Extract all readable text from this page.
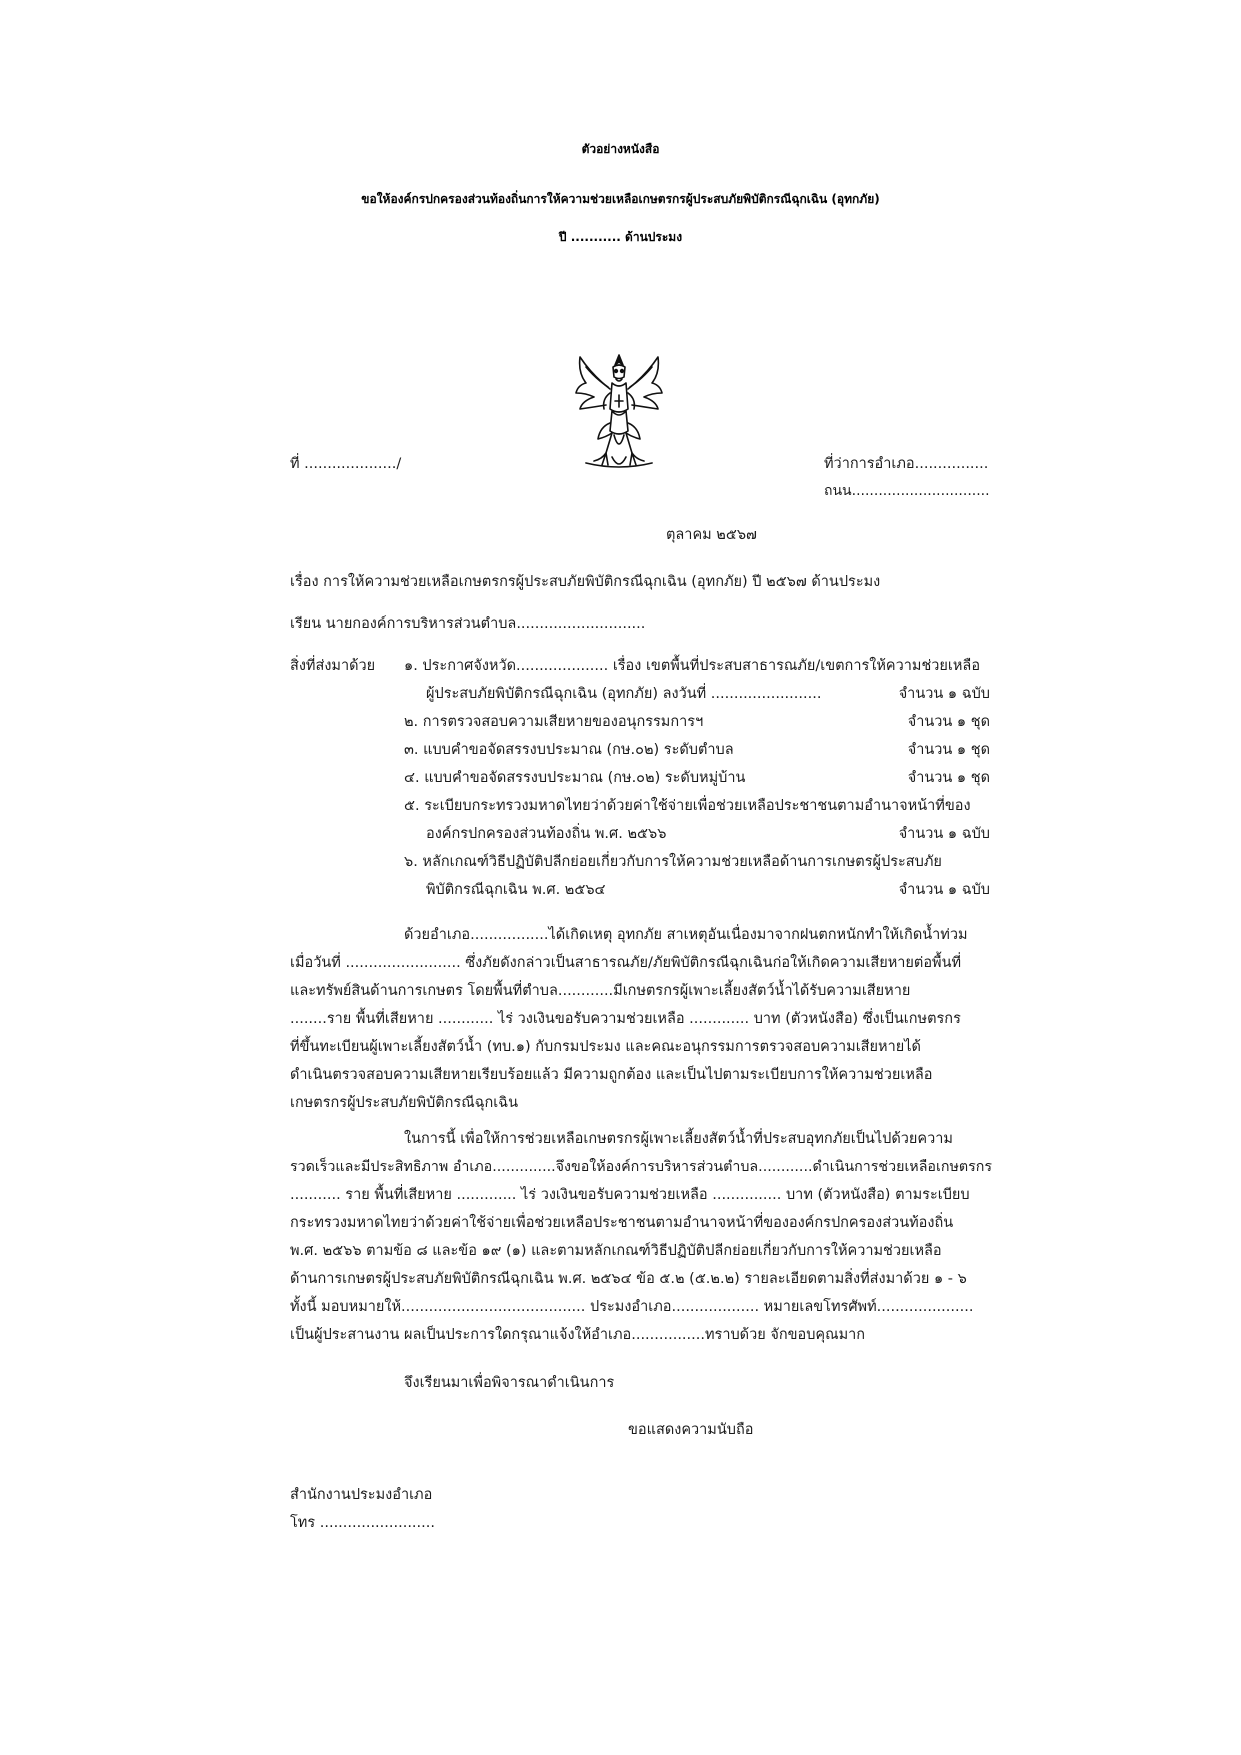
ตัวอย่างหนังสือ
ขอให้องค์กรปกครองส่วนท้องถิ่นการให้ความช่วยเหลือเกษตรกรผู้ประสบภัยพิบัติกรณีฉุกเฉิน (อุทกภัย)
ปี ........... ด้านประมง
ที่ ..................../	ที่ว่าการอำเภอ................
ถนน...............................
ตุลาคม ๒๕๖๗
เรื่อง การให้ความช่วยเหลือเกษตรกรผู้ประสบภัยพิบัติกรณีฉุกเฉิน (อุทกภัย) ปี ๒๕๖๗ ด้านประมง
เรียน นายกองค์การบริหารส่วนตำบล............................
สิ่งที่ส่งมาด้วย ๑. ประกาศจังหวัด.................... เรื่อง เขตพื้นที่ประสบสาธารณภัย/เขตการให้ความช่วยเหลือ
ผู้ประสบภัยพิบัติกรณีฉุกเฉิน (อุทกภัย) ลงวันที่ ........................	จำนวน ๑ ฉบับ
๒. การตรวจสอบความเสียหายของอนุกรรมการฯ	จำนวน ๑ ชุด
๓. แบบคำขอจัดสรรงบประมาณ (กษ.๐๒) ระดับตำบล	จำนวน ๑ ชุด
๔. แบบคำขอจัดสรรงบประมาณ (กษ.๐๒) ระดับหมู่บ้าน	จำนวน ๑ ชุด
๕. ระเบียบกระทรวงมหาดไทยว่าด้วยค่าใช้จ่ายเพื่อช่วยเหลือประชาชนตามอำนาจหน้าที่ของ
องค์กรปกครองส่วนท้องถิ่น พ.ศ. ๒๕๖๖	จำนวน ๑ ฉบับ
๖. หลักเกณฑ์วิธีปฏิบัติปลีกย่อยเกี่ยวกับการให้ความช่วยเหลือด้านการเกษตรผู้ประสบภัย
พิบัติกรณีฉุกเฉิน พ.ศ. ๒๕๖๔	จำนวน ๑ ฉบับ
ด้วยอำเภอ.................ได้เกิดเหตุ อุทกภัย สาเหตุอันเนื่องมาจากฝนตกหนักทำให้เกิดน้ำท่วม
เมื่อวันที่ ......................... ซึ่งภัยดังกล่าวเป็นสาธารณภัย/ภัยพิบัติกรณีฉุกเฉินก่อให้เกิดความเสียหายต่อพื้นที่
และทรัพย์สินด้านการเกษตร โดยพื้นที่ตำบล............มีเกษตรกรผู้เพาะเลี้ยงสัตว์น้ำได้รับความเสียหาย
........ราย พื้นที่เสียหาย ............ ไร่ วงเงินขอรับความช่วยเหลือ ............. บาท (ตัวหนังสือ) ซึ่งเป็นเกษตรกร
ที่ขึ้นทะเบียนผู้เพาะเลี้ยงสัตว์น้ำ (ทบ.๑) กับกรมประมง และคณะอนุกรรมการตรวจสอบความเสียหายได้
ดำเนินตรวจสอบความเสียหายเรียบร้อยแล้ว มีความถูกต้อง และเป็นไปตามระเบียบการให้ความช่วยเหลือ
เกษตรกรผู้ประสบภัยพิบัติกรณีฉุกเฉิน
ในการนี้ เพื่อให้การช่วยเหลือเกษตรกรผู้เพาะเลี้ยงสัตว์น้ำที่ประสบอุทกภัยเป็นไปด้วยความ
รวดเร็วและมีประสิทธิภาพ อำเภอ..............จึงขอให้องค์การบริหารส่วนตำบล............ดำเนินการช่วยเหลือเกษตรกร
........... ราย พื้นที่เสียหาย ............. ไร่ วงเงินขอรับความช่วยเหลือ ............... บาท (ตัวหนังสือ) ตามระเบียบ
กระทรวงมหาดไทยว่าด้วยค่าใช้จ่ายเพื่อช่วยเหลือประชาชนตามอำนาจหน้าที่ขององค์กรปกครองส่วนท้องถิ่น
พ.ศ. ๒๕๖๖ ตามข้อ ๘ และข้อ ๑๙ (๑) และตามหลักเกณฑ์วิธีปฏิบัติปลีกย่อยเกี่ยวกับการให้ความช่วยเหลือ
ด้านการเกษตรผู้ประสบภัยพิบัติกรณีฉุกเฉิน พ.ศ. ๒๕๖๔ ข้อ ๕.๒ (๕.๒.๒) รายละเอียดตามสิ่งที่ส่งมาด้วย ๑ - ๖
ทั้งนี้ มอบหมายให้........................................ ประมงอำเภอ................... หมายเลขโทรศัพท์.....................
เป็นผู้ประสานงาน ผลเป็นประการใดกรุณาแจ้งให้อำเภอ................ทราบด้วย จักขอบคุณมาก
จึงเรียนมาเพื่อพิจารณาดำเนินการ
ขอแสดงความนับถือ
สำนักงานประมงอำเภอ
โทร .........................
